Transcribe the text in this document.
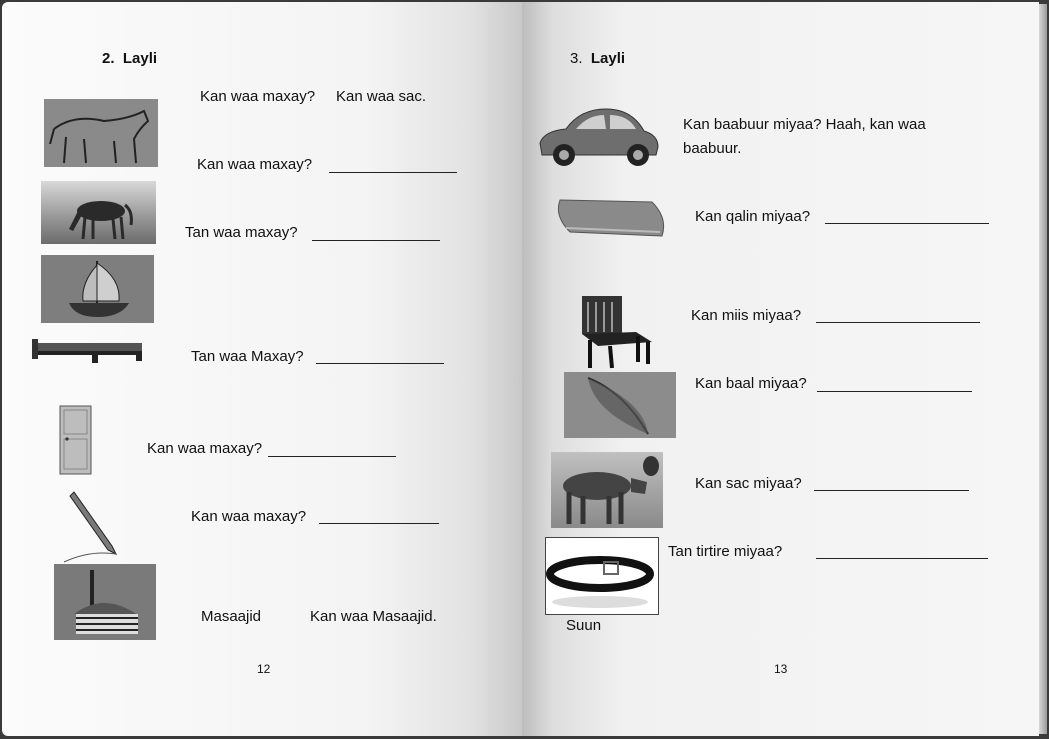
2. Layli
Kan waa maxay? Kan waa sac.
Kan waa maxay?
Tan waa maxay?
Tan waa Maxay?
Kan waa maxay?
Kan waa maxay?
Masaajid	Kan waa Masaajid.
12
3. Layli
Kan baabuur miyaa? Haah, kan waa
baabuur.
Kan qalin miyaa?
Kan miis miyaa?
Kan baal miyaa?
Kan sac miyaa?
Tan tirtire miyaa?
Suun
13
